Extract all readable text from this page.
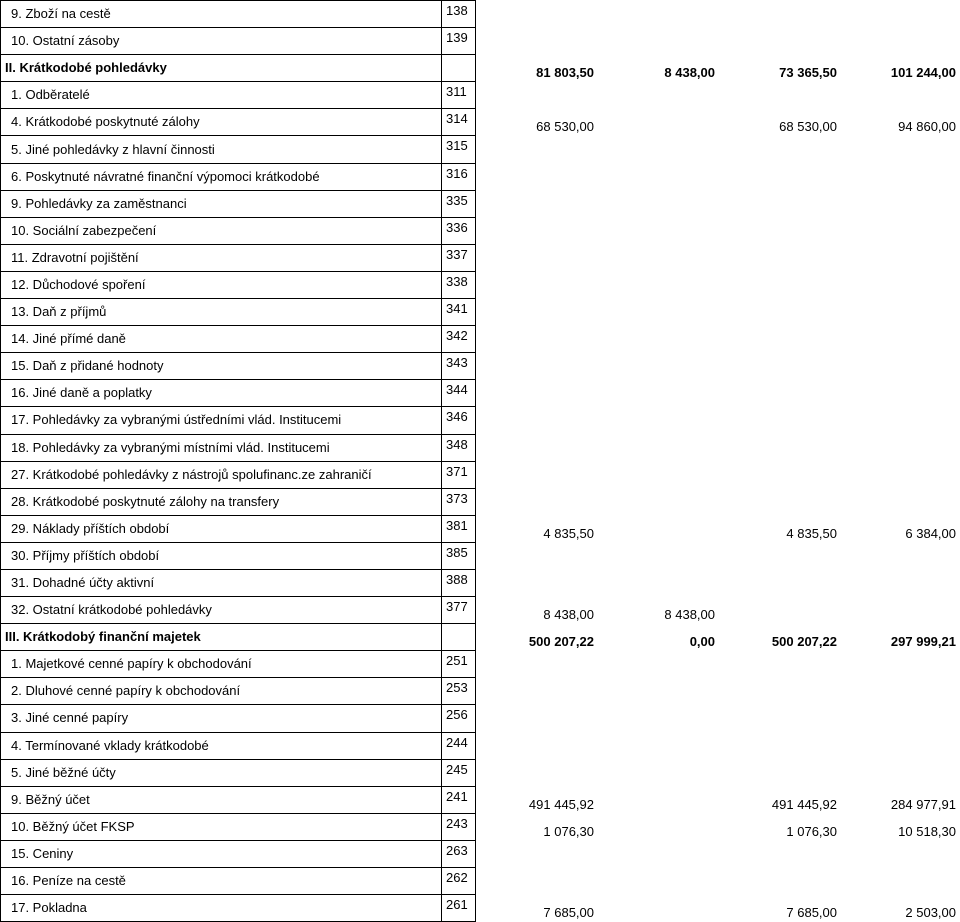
9. Zboží na cestě	138				
10. Ostatní zásoby	139				
II. Krátkodobé pohledávky		81 803,50	8 438,00	73 365,50	101 244,00
1. Odběratelé	311				
4. Krátkodobé poskytnuté zálohy	314	68 530,00		68 530,00	94 860,00
5. Jiné pohledávky z hlavní činnosti	315				
6. Poskytnuté návratné finanční výpomoci krátkodobé	316				
9. Pohledávky za zaměstnanci	335				
10. Sociální zabezpečení	336				
11. Zdravotní pojištění	337				
12. Důchodové spoření	338				
13. Daň z příjmů	341				
14. Jiné přímé daně	342				
15. Daň z přidané hodnoty	343				
16. Jiné daně a poplatky	344				
17. Pohledávky za vybranými ústředními vlád. Institucemi	346				
18. Pohledávky za vybranými místními vlád. Institucemi	348				
27. Krátkodobé pohledávky z nástrojů spolufinanc.ze zahraničí	371				
28. Krátkodobé poskytnuté zálohy na transfery	373				
29. Náklady příštích období	381	4 835,50		4 835,50	6 384,00
30. Příjmy příštích období	385				
31. Dohadné účty aktivní	388				
32. Ostatní krátkodobé pohledávky	377	8 438,00	8 438,00		
III. Krátkodobý finanční majetek		500 207,22	0,00	500 207,22	297 999,21
1. Majetkové cenné papíry k obchodování	251				
2. Dluhové cenné papíry k obchodování	253				
3. Jiné cenné papíry	256				
4. Termínované vklady krátkodobé	244				
5. Jiné běžné účty	245				
9. Běžný účet	241	491 445,92		491 445,92	284 977,91
10. Běžný účet FKSP	243	1 076,30		1 076,30	10 518,30
15. Ceniny	263				
16. Peníze na cestě	262				
17. Pokladna	261	7 685,00		7 685,00	2 503,00
